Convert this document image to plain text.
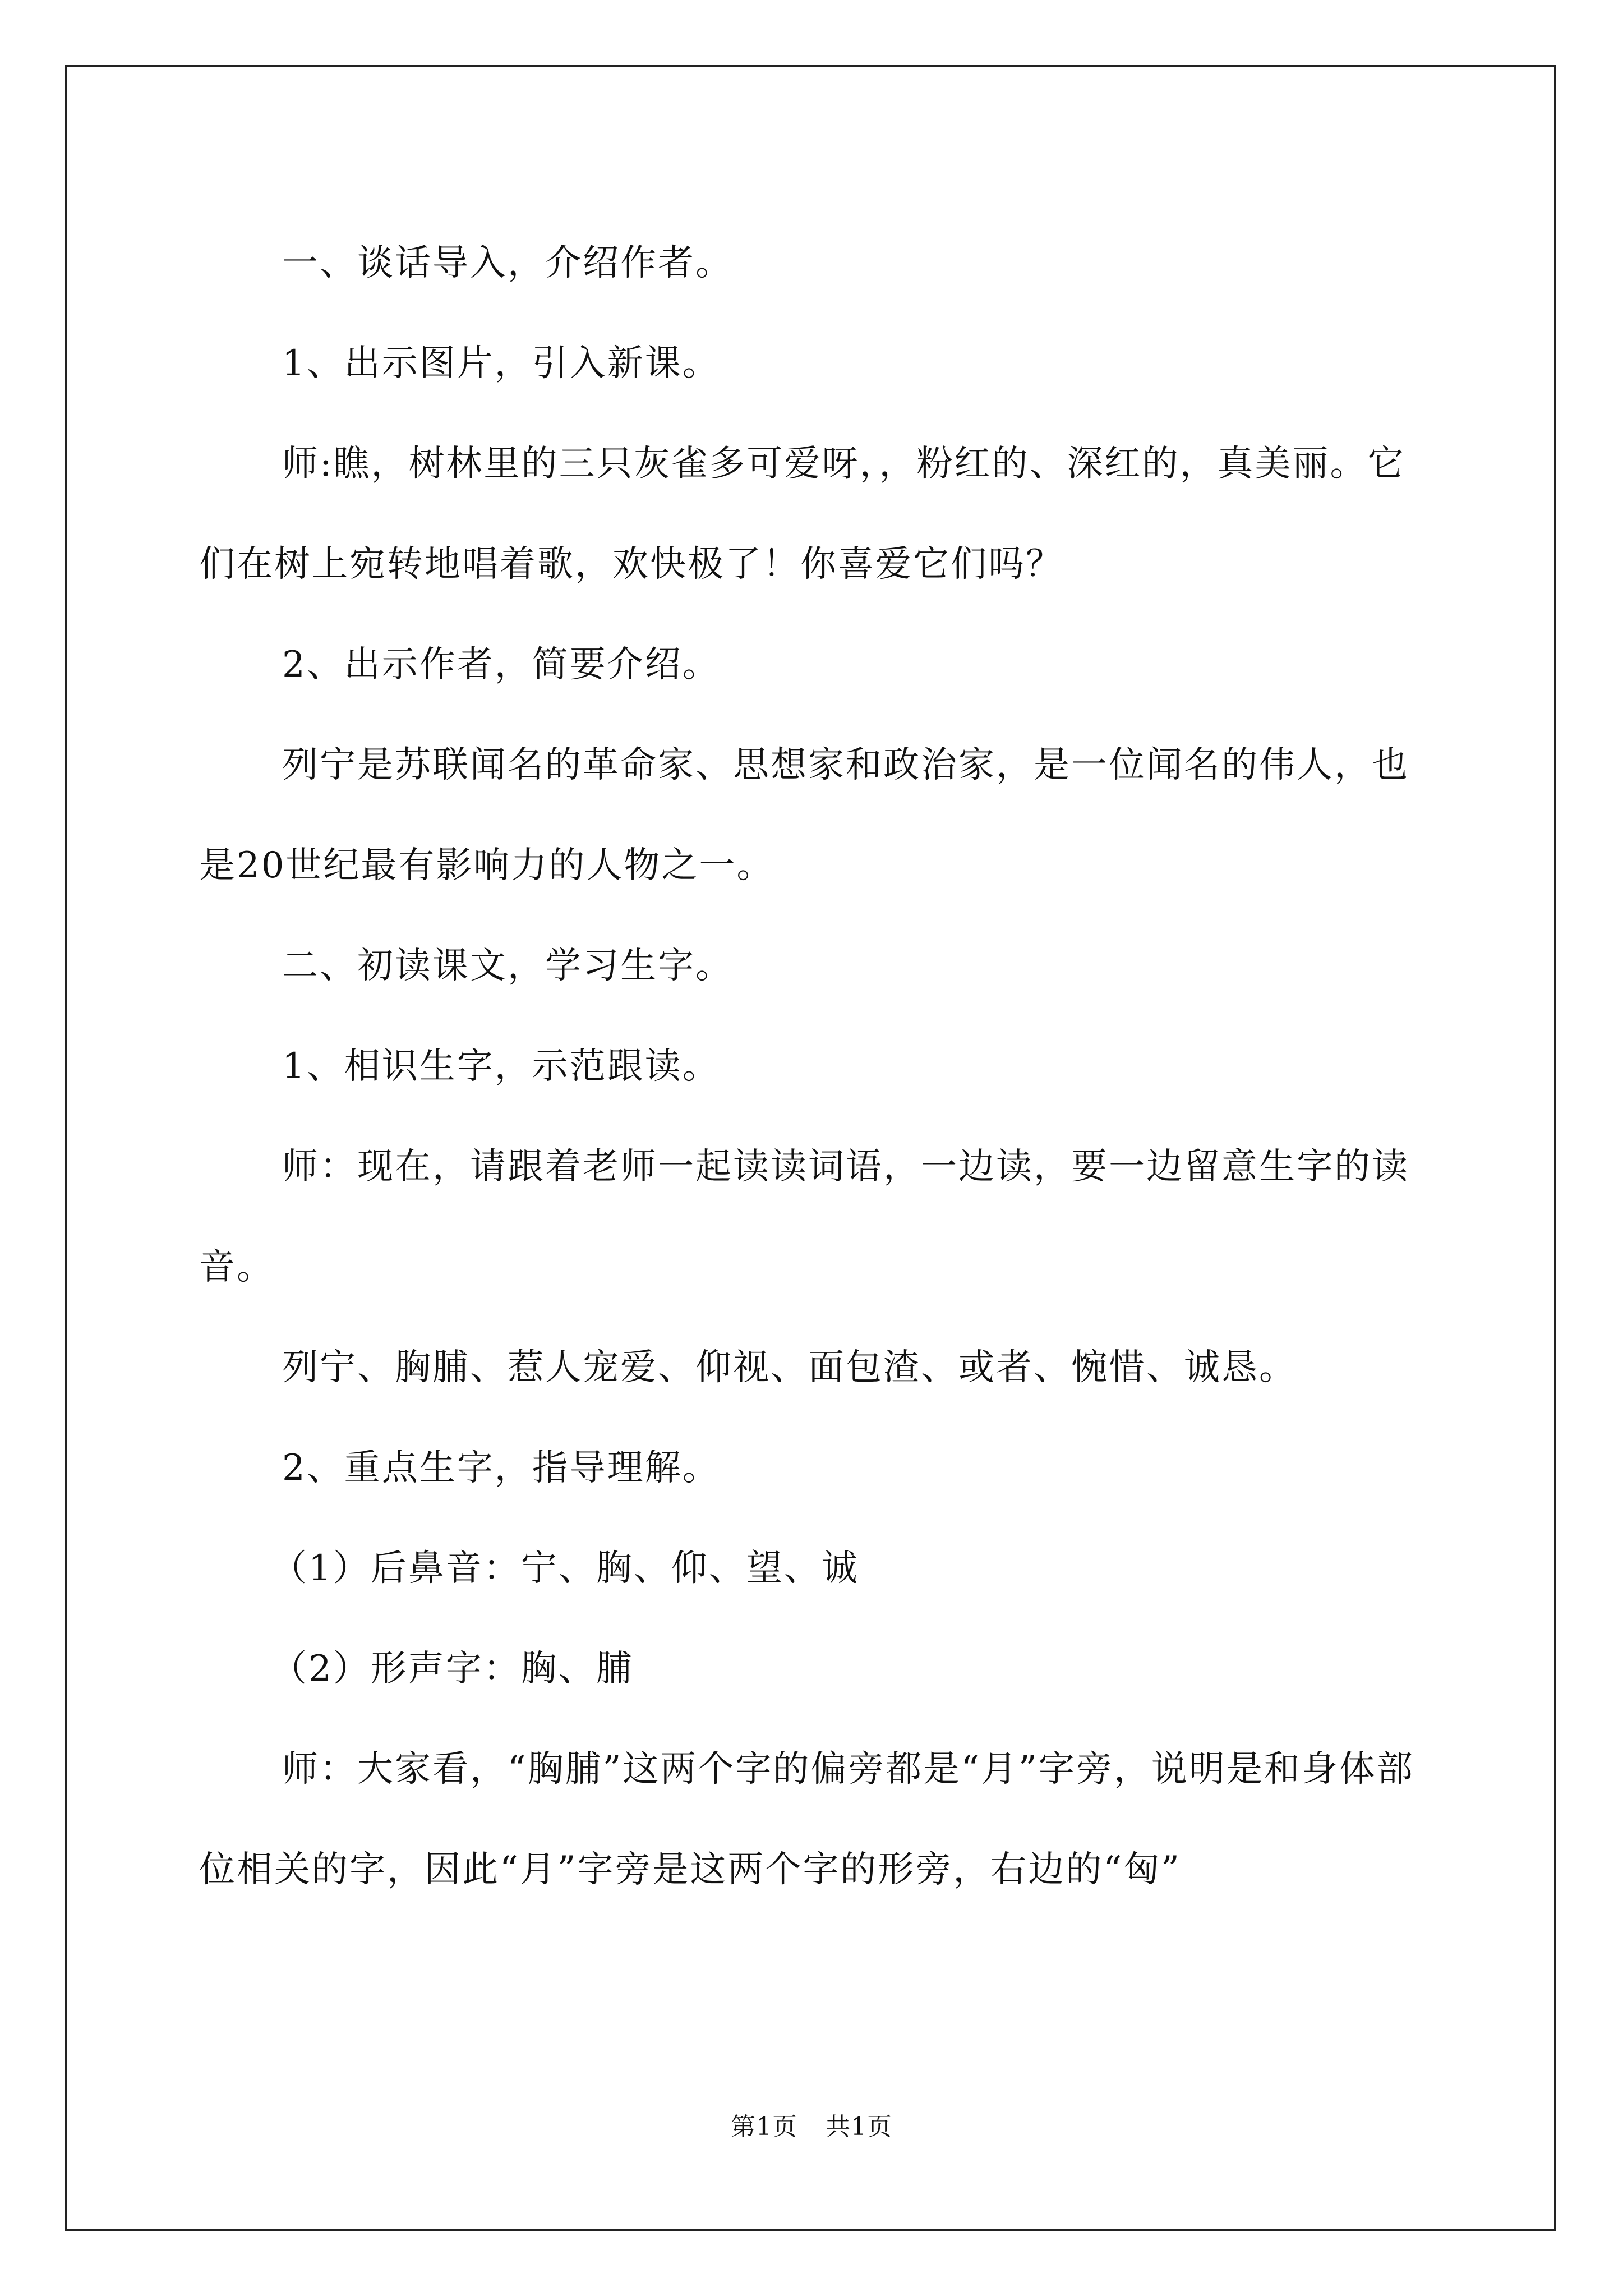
一、谈话导入，介绍作者。

1、出示图片，引入新课。

师:瞧，树林里的三只灰雀多可爱呀，，粉红的、深红的，真美丽。它们在树上宛转地唱着歌，欢快极了！你喜爱它们吗？

2、出示作者，简要介绍。

列宁是苏联闻名的革命家、思想家和政治家，是一位闻名的伟人，也是20世纪最有影响力的人物之一。

二、初读课文，学习生字。

1、相识生字，示范跟读。

师：现在，请跟着老师一起读读词语，一边读，要一边留意生字的读音。

列宁、胸脯、惹人宠爱、仰视、面包渣、或者、惋惜、诚恳。

2、重点生字，指导理解。

（1）后鼻音：宁、胸、仰、望、诚

（2）形声字：胸、脯

师：大家看，“胸脯”这两个字的偏旁都是“月”字旁，说明是和身体部位相关的字，因此“月”字旁是这两个字的形旁，右边的“匈”

第1页 共1页
